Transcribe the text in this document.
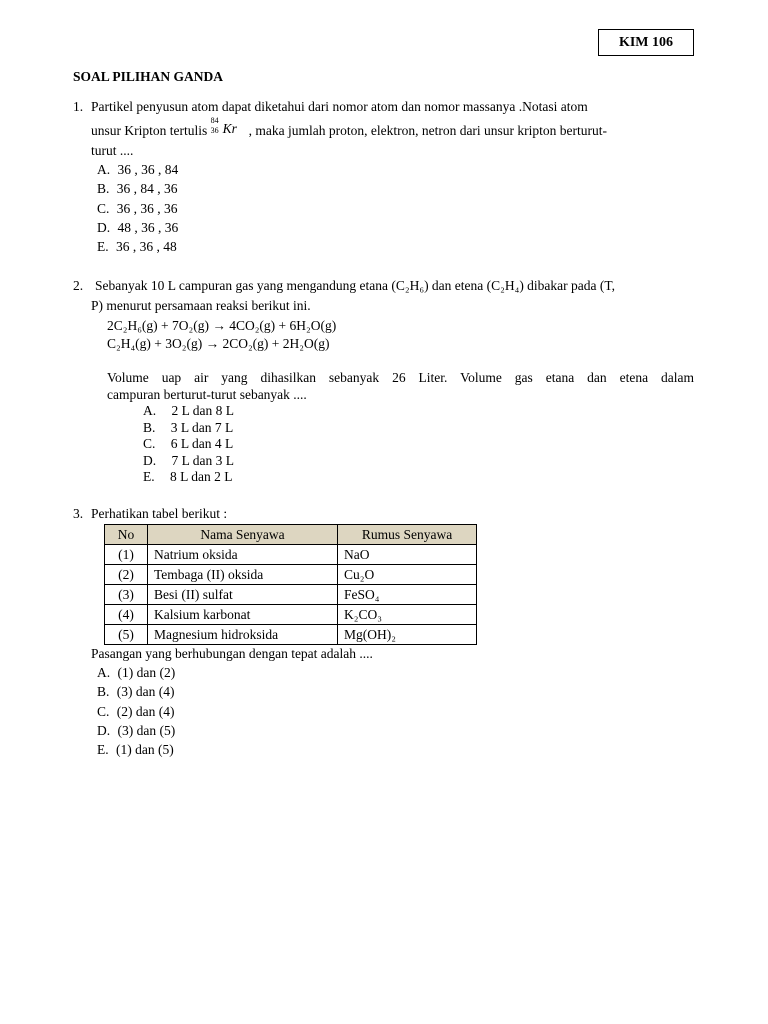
KIM 106
SOAL PILIHAN GANDA
1. Partikel penyusun atom dapat diketahui dari nomor atom dan nomor massanya .Notasi atom
unsur Kripton tertulis
84
36 Kr , maka jumlah proton, elektron, netron dari unsur kripton berturut-
turut ....
A. 36 , 36 , 84
B. 36 , 84 , 36
C. 36 , 36 , 36
D. 48 , 36 , 36
E. 36 , 36 , 48
2. Sebanyak 10 L campuran gas yang mengandung etana (C₂H₆) dan etena (C₂H₄) dibakar pada (T,
P) menurut persamaan reaksi berikut ini.
2C₂H₆(g) + 7O₂(g) → 4CO₂(g) + 6H₂O(g)
C₂H₄(g) + 3O₂(g) → 2CO₂(g) + 2H₂O(g)
Volume uap air yang dihasilkan sebanyak 26 Liter. Volume gas etana dan etena dalam
campuran berturut-turut sebanyak ....
A. 2 L dan 8 L
B. 3 L dan 7 L
C. 6 L dan 4 L
D. 7 L dan 3 L
E. 8 L dan 2 L
3. Perhatikan tabel berikut :
No	Nama Senyawa	Rumus Senyawa
(1)	Natrium oksida	NaO
(2)	Tembaga (II) oksida	Cu₂O
(3)	Besi (II) sulfat	FeSO₄
(4)	Kalsium karbonat	K₂CO₃
(5)	Magnesium hidroksida	Mg(OH)₂
Pasangan yang berhubungan dengan tepat adalah ....
A. (1) dan (2)
B. (3) dan (4)
C. (2) dan (4)
D. (3) dan (5)
E. (1) dan (5)
